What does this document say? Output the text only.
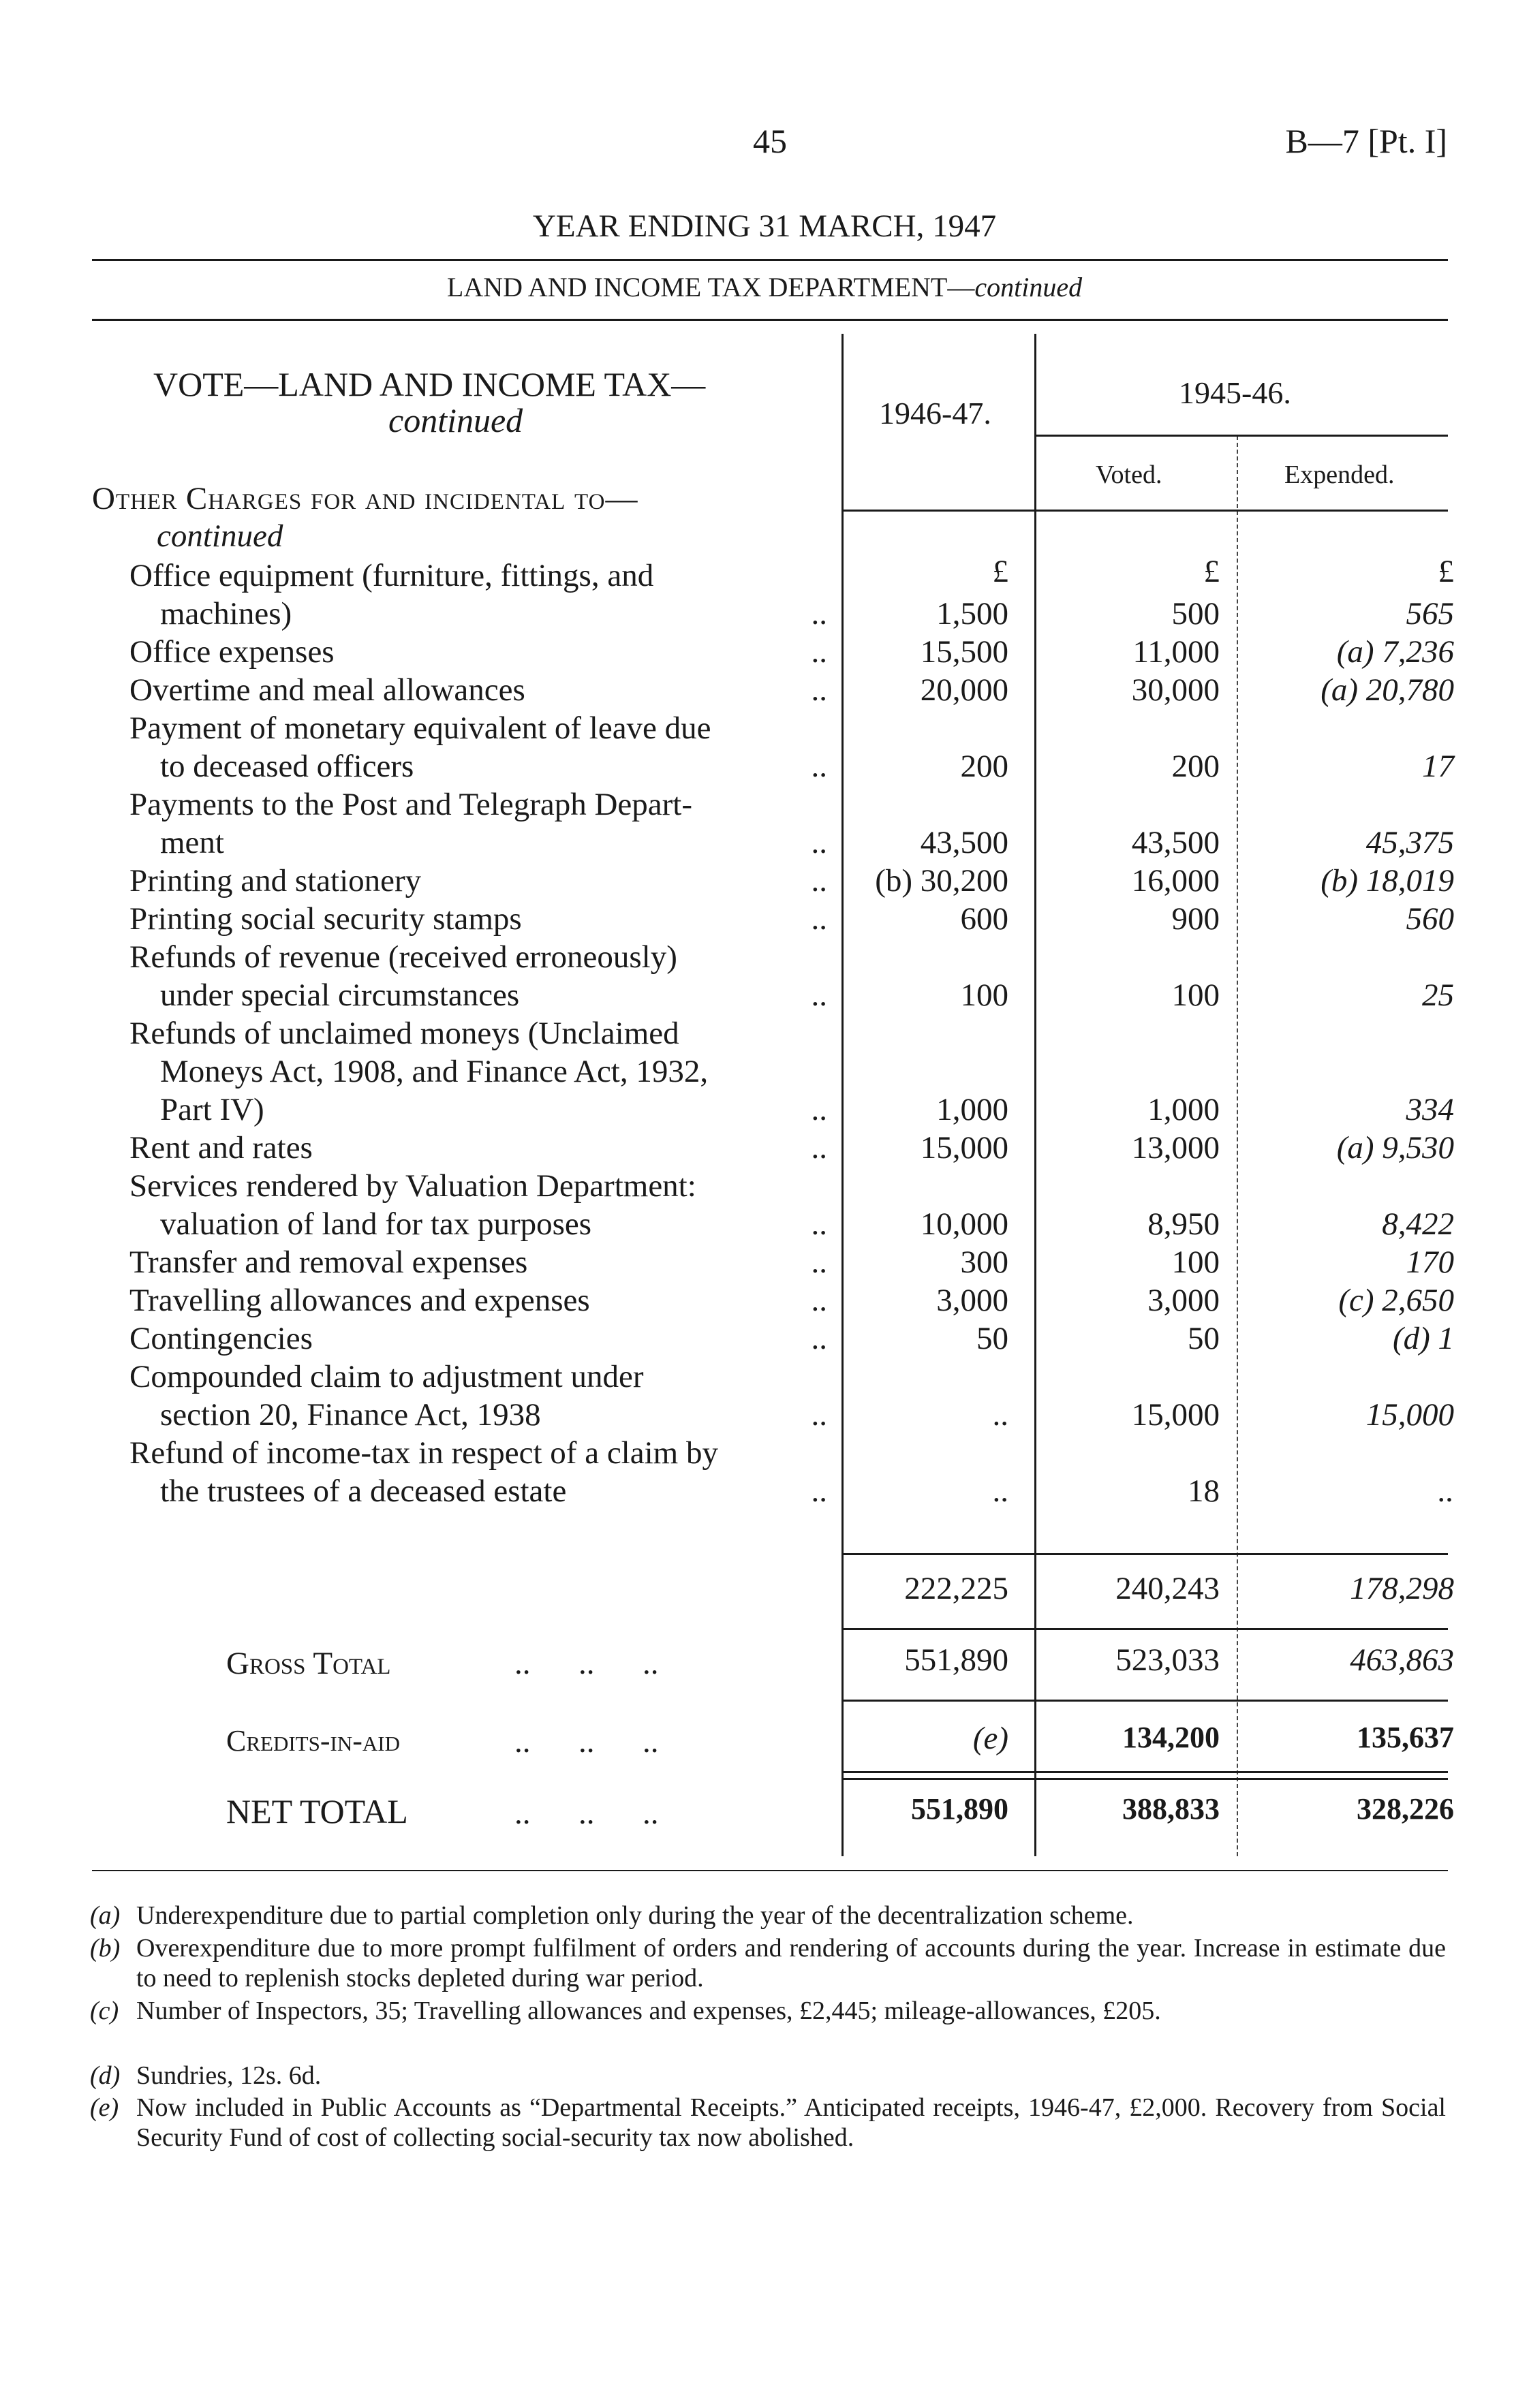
45	B—7 [Pt. I]
YEAR ENDING 31 MARCH, 1947
LAND AND INCOME TAX DEPARTMENT—continued
VOTE—LAND AND INCOME TAX—
continued	1946-47.
1945-46.
Voted.	Expended.
Other Charges for and incidental to—
continued
£	£	£
Office equipment (furniture, fittings, and
machines)	..	1,500	500	565
Office expenses	..	15,500	11,000	(a) 7,236
Overtime and meal allowances	..	20,000	30,000	(a) 20,780
Payment of monetary equivalent of leave due
to deceased officers	..	200	200	17
Payments to the Post and Telegraph Depart-
ment	..	43,500	43,500	45,375
Printing and stationery	.. (b) 30,200	16,000	(b) 18,019
Printing social security stamps	..	600	900	560
Refunds of revenue (received erroneously)
under special circumstances	..	100	100	25
Refunds of unclaimed moneys (Unclaimed
Moneys Act, 1908, and Finance Act, 1932,
Part IV)	..	1,000	1,000	334
Rent and rates	..	15,000	13,000	(a) 9,530
Services rendered by Valuation Department:
valuation of land for tax purposes	..	10,000	8,950	8,422
Transfer and removal expenses	..	300	100	170
Travelling allowances and expenses	..	3,000	3,000	(c) 2,650
Contingencies	..	50	50	(d) 1
Compounded claim to adjustment under
section 20, Finance Act, 1938	..	..	15,000	15,000
Refund of income-tax in respect of a claim by
the trustees of a deceased estate	..	..	18	..
222,225	240,243	178,298
Gross Total	..      ..      ..	551,890	523,033	463,863
Credits-in-aid	..      ..      ..	(e)	134,200	135,637
NET TOTAL	..      ..      ..	551,890	388,833	328,226
(a) Underexpenditure due to partial completion only during the year of the decentralization scheme.
(b) Overexpenditure due to more prompt fulfilment of orders and rendering of accounts during the year. Increase in estimate due to need to replenish stocks depleted during war period.
(c) Number of Inspectors, 35; Travelling allowances and expenses, £2,445; mileage-allowances, £205.
(d) Sundries, 12s. 6d.
(e) Now included in Public Accounts as “Departmental Receipts.” Anticipated receipts, 1946-47, £2,000. Recovery from Social Security Fund of cost of collecting social-security tax now abolished.
